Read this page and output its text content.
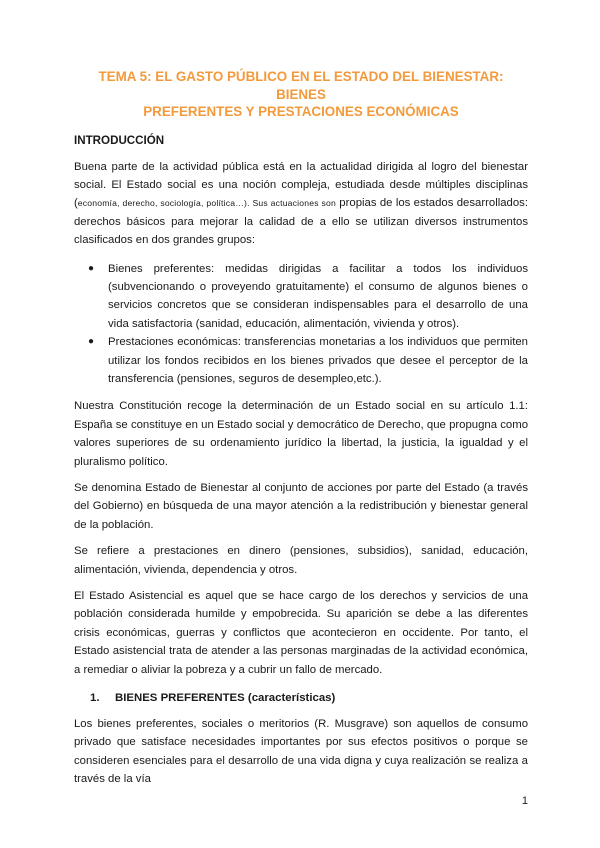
TEMA 5: EL GASTO PÚBLICO EN EL ESTADO DEL BIENESTAR: BIENES
PREFERENTES Y PRESTACIONES ECONÓMICAS
INTRODUCCIÓN

Buena parte de la actividad pública está en la actualidad dirigida al logro del bienestar social. El Estado social es una noción compleja, estudiada desde múltiples disciplinas (economía, derecho, sociología, política…). Sus actuaciones son propias de los estados desarrollados: derechos básicos para mejorar la calidad de a ello se utilizan diversos instrumentos clasificados en dos grandes grupos:

● Bienes preferentes: medidas dirigidas a facilitar a todos los individuos (subvencionando o proveyendo gratuitamente) el consumo de algunos bienes o servicios concretos que se consideran indispensables para el desarrollo de una vida satisfactoria (sanidad, educación, alimentación, vivienda y otros).
● Prestaciones económicas: transferencias monetarias a los individuos que permiten utilizar los fondos recibidos en los bienes privados que desee el perceptor de la transferencia (pensiones, seguros de desempleo,etc.).

Nuestra Constitución recoge la determinación de un Estado social en su artículo 1.1: España se constituye en un Estado social y democrático de Derecho, que propugna como valores superiores de su ordenamiento jurídico la libertad, la justicia, la igualdad y el pluralismo político.

Se denomina Estado de Bienestar al conjunto de acciones por parte del Estado (a través del Gobierno) en búsqueda de una mayor atención a la redistribución y bienestar general de la población.

Se refiere a prestaciones en dinero (pensiones, subsidios), sanidad, educación, alimentación, vivienda, dependencia y otros.

El Estado Asistencial es aquel que se hace cargo de los derechos y servicios de una población considerada humilde y empobrecida. Su aparición se debe a las diferentes crisis económicas, guerras y conflictos que acontecieron en occidente. Por tanto, el Estado asistencial trata de atender a las personas marginadas de la actividad económica, a remediar o aliviar la pobreza y a cubrir un fallo de mercado.

1. BIENES PREFERENTES (características)

Los bienes preferentes, sociales o meritorios (R. Musgrave) son aquellos de consumo privado que satisface necesidades importantes por sus efectos positivos o porque se consideren esenciales para el desarrollo de una vida digna y cuya realización se realiza a través de la vía

1
